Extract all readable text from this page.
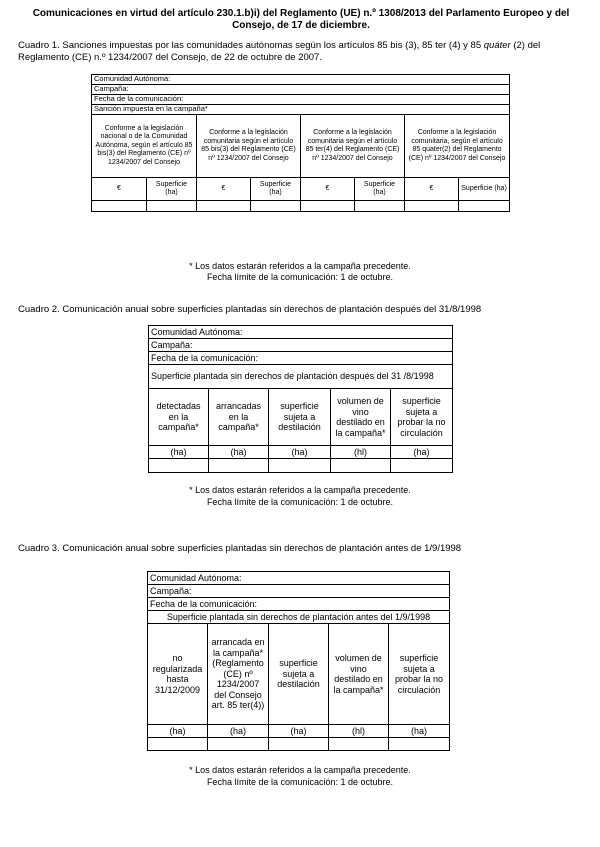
Comunicaciones en virtud del artículo 230.1.b)i) del Reglamento (UE) n.º 1308/2013 del Parlamento Europeo y del Consejo, de 17 de diciembre.
Cuadro 1. Sanciones impuestas por las comunidades autónomas según los artículos 85 bis (3), 85 ter (4) y 85 quáter (2) del Reglamento (CE) n.º 1234/2007 del Consejo, de 22 de octubre de 2007.
Comunidad Autónoma:							
Campaña:							
Fecha de la comunicación:							
Sanción impuesta en la campaña*							
Conforme a la legislación nacional o de la Comunidad Autónoma, según el artículo 85 bis(3) del Reglamento (CE) nº 1234/2007 del Consejo		Conforme a la legislación comunitaria según el artículo 85 bis(3) del Reglamento (CE) nº 1234/2007 del Consejo		Conforme a la legislación comunitaria según el artículo 85 ter(4) del Reglamento (CE) nº 1234/2007 del Consejo		Conforme a la legislación comunitaria, según el artículo 85 quater(2) del Reglamento (CE) nº 1234/2007 del Consejo	
€	Superficie (ha)	€	Superficie (ha)	€	Superficie (ha)	€	Superficie (ha)

* Los datos estarán referidos a la campaña precedente.
Fecha límite de la comunicación: 1 de octubre.
Cuadro 2. Comunicación anual sobre superficies plantadas sin derechos de plantación después del 31/8/1998
Comunidad Autónoma:				
Campaña:				
Fecha de la comunicación:				
Superficie plantada sin derechos de plantación después del 31 /8/1998				
detectadas en la campaña*	arrancadas en la campaña*	superficie sujeta a destilación	volumen de vino destilado en la campaña*	superficie sujeta a probar la no circulación
(ha)	(ha)	(ha)	(hl)	(ha)

* Los datos estarán referidos a la campaña precedente.
Fecha límite de la comunicación: 1 de octubre.
Cuadro 3. Comunicación anual sobre superficies plantadas sin derechos de plantación antes de 1/9/1998
Comunidad Autónoma:				
Campaña:				
Fecha de la comunicación:				
Superficie plantada sin derechos de plantación antes del 1/9/1998				
no regularizada hasta 31/12/2009	arrancada en la campaña* (Reglamento (CE) nº 1234/2007 del Consejo art. 85 ter(4))	superficie sujeta a destilación	volumen de vino destilado en la campaña*	superficie sujeta a probar la no circulación
(ha)	(ha)	(ha)	(hl)	(ha)

* Los datos estarán referidos a la campaña precedente.
Fecha límite de la comunicación: 1 de octubre.
